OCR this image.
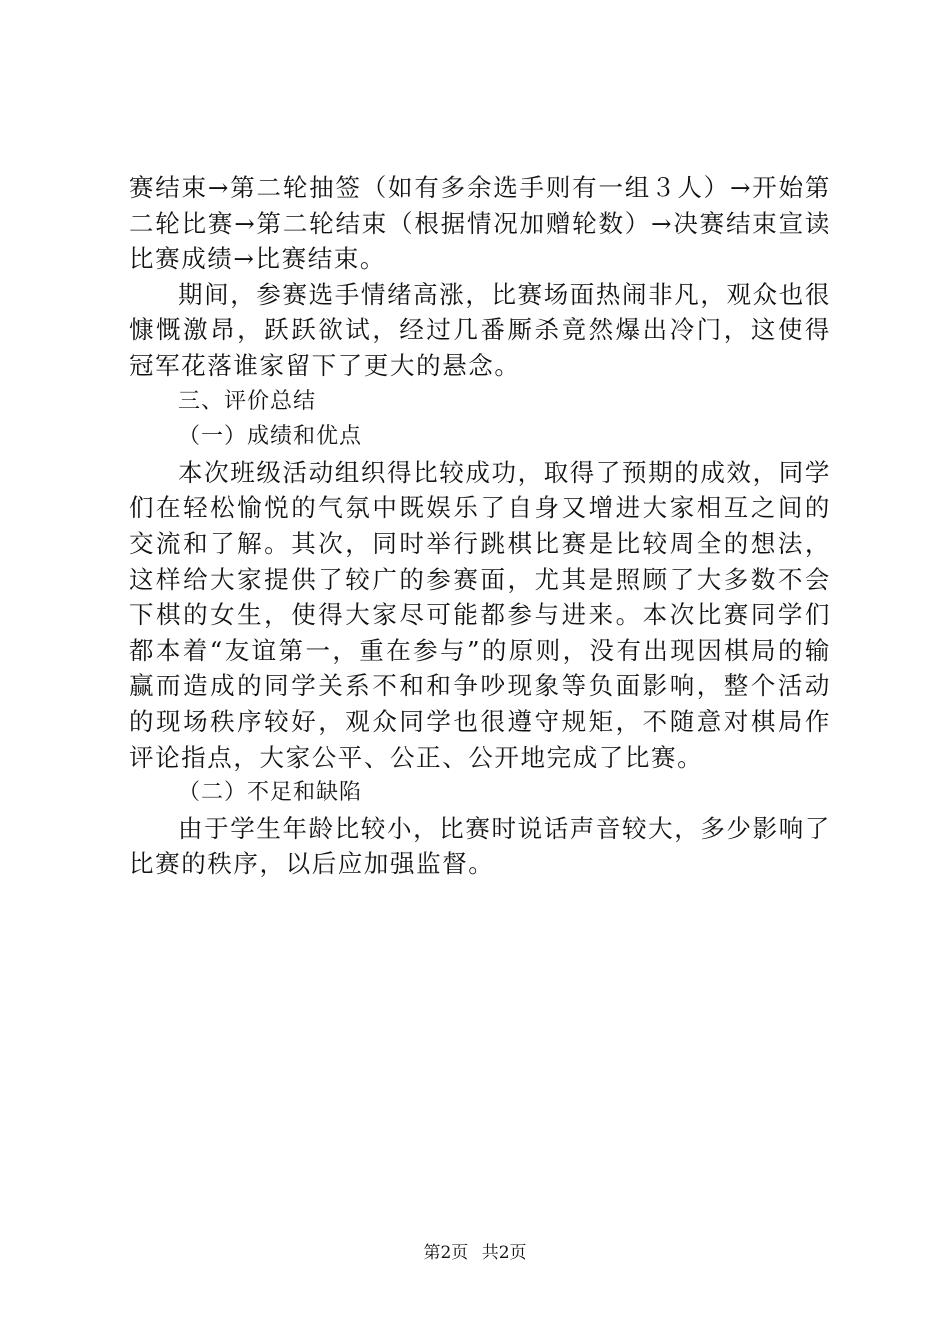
赛结束→第二轮抽签（如有多余选手则有一组３人）→开始第二轮比赛→第二轮结束（根据情况加赠轮数）→决赛结束宣读比赛成绩→比赛结束。

期间，参赛选手情绪高涨，比赛场面热闹非凡，观众也很慷慨激昂，跃跃欲试，经过几番厮杀竟然爆出冷门，这使得冠军花落谁家留下了更大的悬念。

三、评价总结

（一）成绩和优点

本次班级活动组织得比较成功，取得了预期的成效，同学们在轻松愉悦的气氛中既娱乐了自身又增进大家相互之间的交流和了解。其次，同时举行跳棋比赛是比较周全的想法，这样给大家提供了较广的参赛面，尤其是照顾了大多数不会下棋的女生，使得大家尽可能都参与进来。本次比赛同学们都本着“友谊第一，重在参与”的原则，没有出现因棋局的输赢而造成的同学关系不和和争吵现象等负面影响，整个活动的现场秩序较好，观众同学也很遵守规矩，不随意对棋局作评论指点，大家公平、公正、公开地完成了比赛。

（二）不足和缺陷

由于学生年龄比较小，比赛时说话声音较大，多少影响了比赛的秩序，以后应加强监督。

第2页 共2页
